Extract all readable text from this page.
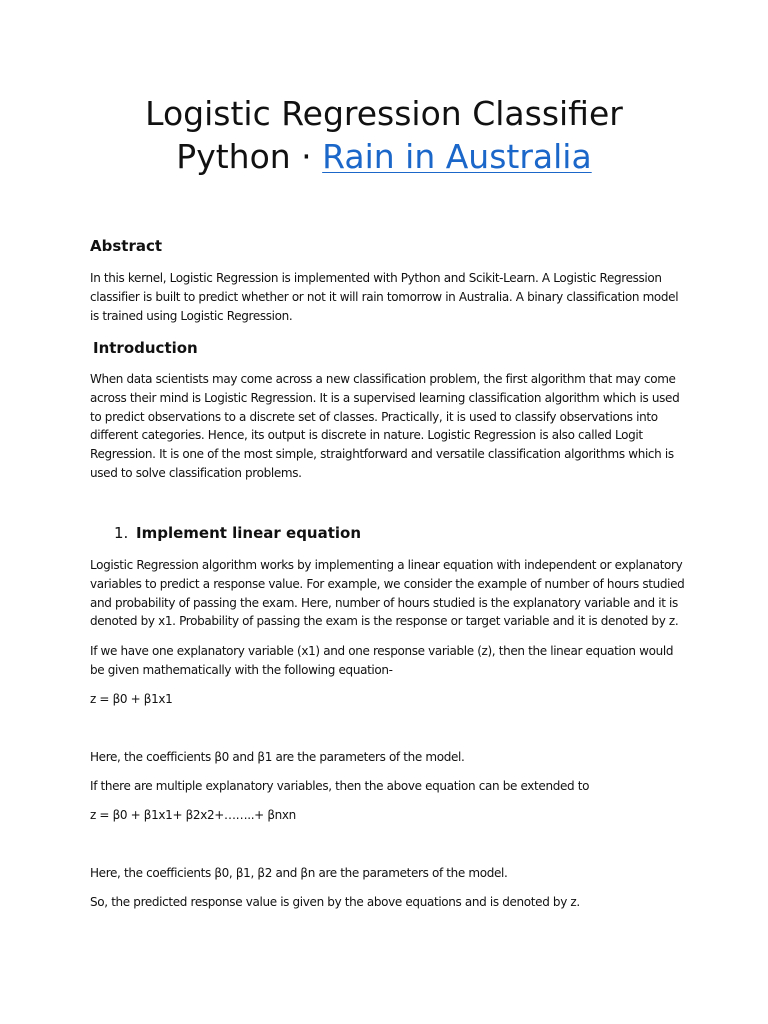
Logistic Regression Classifier
Python · Rain in Australia
Abstract

In this kernel, Logistic Regression is implemented with Python and Scikit-Learn. A Logistic Regression classifier is built to predict whether or not it will rain tomorrow in Australia. A binary classification model is trained using Logistic Regression.

Introduction

When data scientists may come across a new classification problem, the first algorithm that may come across their mind is Logistic Regression. It is a supervised learning classification algorithm which is used to predict observations to a discrete set of classes. Practically, it is used to classify observations into different categories. Hence, its output is discrete in nature. Logistic Regression is also called Logit Regression. It is one of the most simple, straightforward and versatile classification algorithms which is used to solve classification problems.

1. Implement linear equation

Logistic Regression algorithm works by implementing a linear equation with independent or explanatory variables to predict a response value. For example, we consider the example of number of hours studied and probability of passing the exam. Here, number of hours studied is the explanatory variable and it is denoted by x1. Probability of passing the exam is the response or target variable and it is denoted by z.

If we have one explanatory variable (x1) and one response variable (z), then the linear equation would be given mathematically with the following equation-

z = β0 + β1x1

Here, the coefficients β0 and β1 are the parameters of the model.

If there are multiple explanatory variables, then the above equation can be extended to

z = β0 + β1x1+ β2x2+……..+ βnxn

Here, the coefficients β0, β1, β2 and βn are the parameters of the model.

So, the predicted response value is given by the above equations and is denoted by z.
